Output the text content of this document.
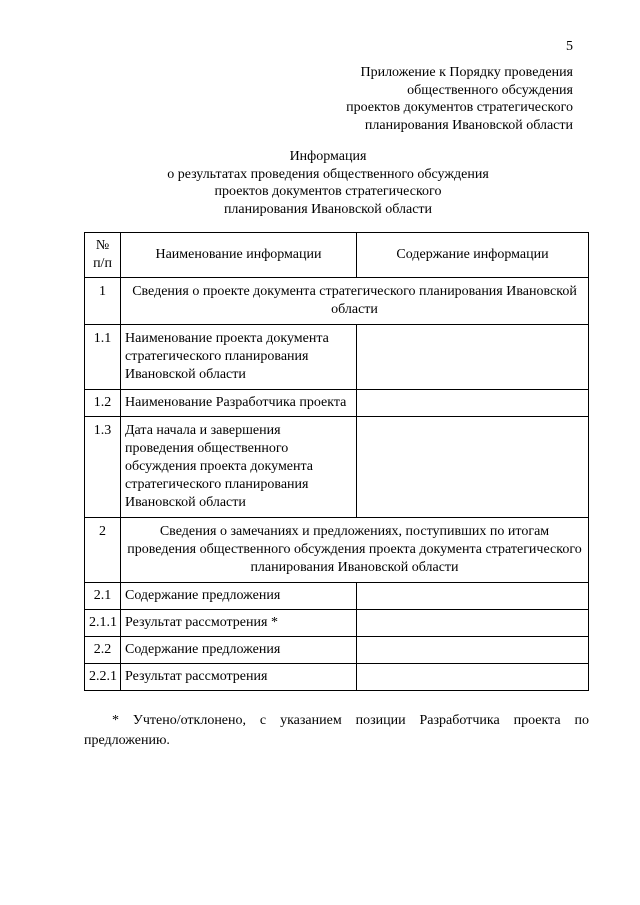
5
Приложение к Порядку проведения
общественного обсуждения
проектов документов стратегического
планирования Ивановской области
Информация
о результатах проведения общественного обсуждения
проектов документов стратегического
планирования Ивановской области
№ п/п	Наименование информации	Содержание информации
1	Сведения о проекте документа стратегического планирования Ивановской области	
1.1	Наименование проекта документа стратегического планирования Ивановской области	
1.2	Наименование Разработчика проекта	
1.3	Дата начала и завершения проведения общественного обсуждения проекта документа стратегического планирования Ивановской области	
2	Сведения о замечаниях и предложениях, поступивших по итогам проведения общественного обсуждения проекта документа стратегического планирования Ивановской области	
2.1	Содержание предложения	
2.1.1	Результат рассмотрения *	
2.2	Содержание предложения	
2.2.1	Результат рассмотрения	
* Учтено/отклонено, с указанием позиции Разработчика проекта по предложению.
